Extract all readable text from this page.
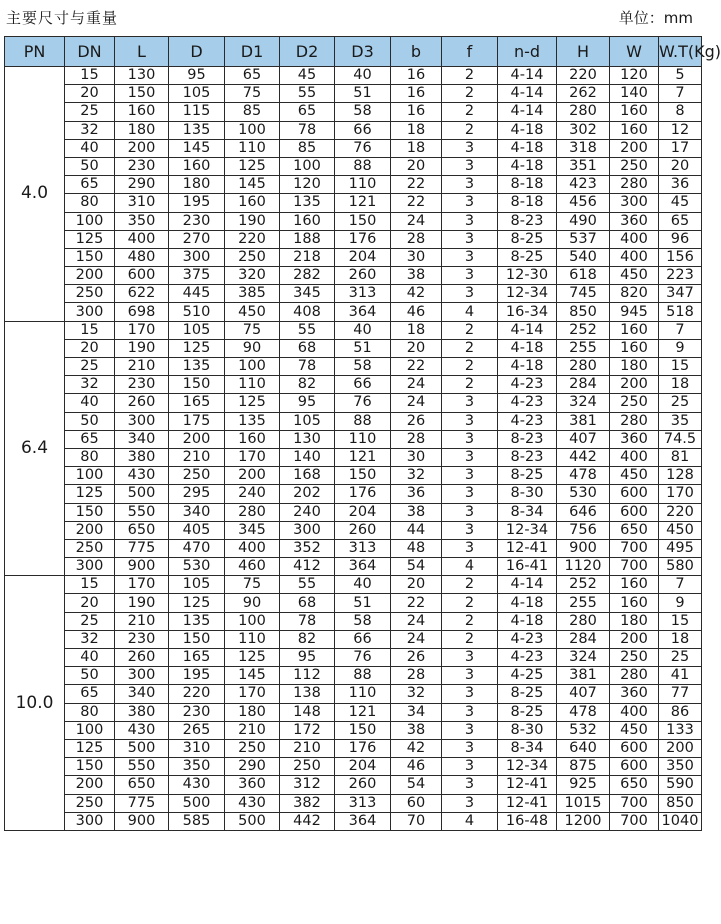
主要尺寸与重量	单位：mm
PN	DN	L	D	D1	D2	D3	b	f	n-d	H	W	W.T(Kg)
4.0	15	130	95	65	45	40	16	2	4-14	220	120	5
	20	150	105	75	55	51	16	2	4-14	262	140	7
	25	160	115	85	65	58	16	2	4-14	280	160	8
	32	180	135	100	78	66	18	2	4-18	302	160	12
	40	200	145	110	85	76	18	3	4-18	318	200	17
	50	230	160	125	100	88	20	3	4-18	351	250	20
	65	290	180	145	120	110	22	3	8-18	423	280	36
	80	310	195	160	135	121	22	3	8-18	456	300	45
	100	350	230	190	160	150	24	3	8-23	490	360	65
	125	400	270	220	188	176	28	3	8-25	537	400	96
	150	480	300	250	218	204	30	3	8-25	540	400	156
	200	600	375	320	282	260	38	3	12-30	618	450	223
	250	622	445	385	345	313	42	3	12-34	745	820	347
	300	698	510	450	408	364	46	4	16-34	850	945	518
6.4	15	170	105	75	55	40	18	2	4-14	252	160	7
	20	190	125	90	68	51	20	2	4-18	255	160	9
	25	210	135	100	78	58	22	2	4-18	280	180	15
	32	230	150	110	82	66	24	2	4-23	284	200	18
	40	260	165	125	95	76	24	3	4-23	324	250	25
	50	300	175	135	105	88	26	3	4-23	381	280	35
	65	340	200	160	130	110	28	3	8-23	407	360	74.5
	80	380	210	170	140	121	30	3	8-23	442	400	81
	100	430	250	200	168	150	32	3	8-25	478	450	128
	125	500	295	240	202	176	36	3	8-30	530	600	170
	150	550	340	280	240	204	38	3	8-34	646	600	220
	200	650	405	345	300	260	44	3	12-34	756	650	450
	250	775	470	400	352	313	48	3	12-41	900	700	495
	300	900	530	460	412	364	54	4	16-41	1120	700	580
10.0	15	170	105	75	55	40	20	2	4-14	252	160	7
	20	190	125	90	68	51	22	2	4-18	255	160	9
	25	210	135	100	78	58	24	2	4-18	280	180	15
	32	230	150	110	82	66	24	2	4-23	284	200	18
	40	260	165	125	95	76	26	3	4-23	324	250	25
	50	300	195	145	112	88	28	3	4-25	381	280	41
	65	340	220	170	138	110	32	3	8-25	407	360	77
	80	380	230	180	148	121	34	3	8-25	478	400	86
	100	430	265	210	172	150	38	3	8-30	532	450	133
	125	500	310	250	210	176	42	3	8-34	640	600	200
	150	550	350	290	250	204	46	3	12-34	875	600	350
	200	650	430	360	312	260	54	3	12-41	925	650	590
	250	775	500	430	382	313	60	3	12-41	1015	700	850
	300	900	585	500	442	364	70	4	16-48	1200	700	1040
